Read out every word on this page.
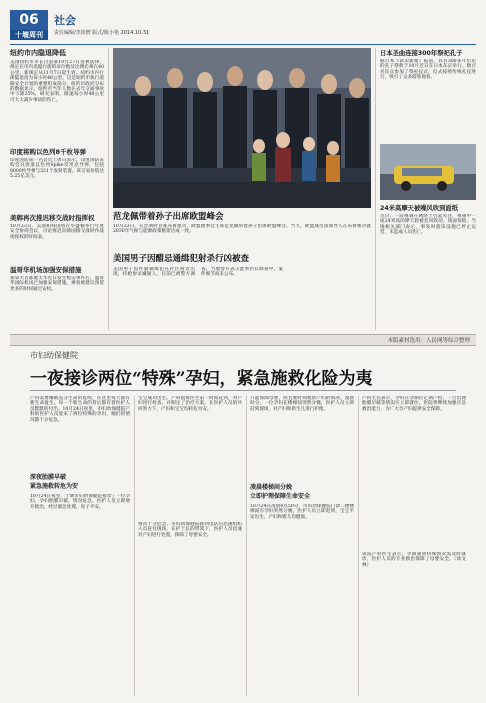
06
十堰周刊
社会
责任编辑/李淡僧 版式/陈小艳 2014.10.31
纽约市内隐退降低
美国纽约市市长白思豪10月27日签署法律，规定在市内退隐行街的床位数及比例必须在40公里。新规定从11月7日起生效。纽约市内行街隐退改为每小时48公里。这是纽约市执行道路安全计划的重要组成部分，纽约市政府分布的数据显示，纽约市当年人数在去年交通事故中下降25%，研究表明，限速每小时48公里可大大减少事故的伤亡。
印度将购以色列8千枚导弹
印度国防部一名官员上周日表示，印度国防采购会议批准以色列Spike反坦克导弹，包括8000枚导弹与321个发射装置。该交易价值达5.25亿美元。
美韩再次推迟移交战时指挥权
10月23日，美国和韩国将在华盛顿举行年度安全协商会议，讨论推迟向韩国移交战时作战指挥权的时间表。
温哥华机场加强安保措施
加拿大首都渥太华近日发生枪击事件后，温哥华国际机场已加强安保措施，乘客被建议预留更多的时间通过安检。
范龙佩带着孙子出席欧盟峰会
10月23日，在比利时首都布鲁塞尔，欧盟理事会主席范龙佩带着孙子出席欧盟峰会。当天，欧盟成员国领导人在布鲁塞尔就2030年气候与能源政策框架达成一致。
美国男子因醋忌通缉犯射杀行凶被查
美国男子因怀疑通缉犯在社区附近出现，持枪射杀嫌疑人，目前已被警方调查。当地警方表示此事仍在调查中，案件细节尚未公布。
日本圣曲连接300年祭祀孔子
据日本《读卖新闻》报道，具有300多年历史的孔子祭典于10月近日在日本东京举行。数百名民众参加了祭祀仪式，仪式按照传统礼仪进行，吸引了众多游客观看。
24米高摩天被噪风吹到面纸
近日，一段视频在网络上引起关注，视频中一座24米高的摩天轮被狂风吹动，场面惊险。当地相关部门表示，事发时游乐设施已停止运营，未造成人员伤亡。
本版素材选用：人民网等综合整理
市妇幼保健院
一夜接诊两位“特殊”孕妇，紧急施救化险为夷
产科需要睡眠充分生命的延续，在这里每天都有新生命诞生。每一个新生命的背后都有着医护人员默默的付出。10月24日夜里，市妇幼保健院产科的医护人员迎来了两位特殊的孕妇，她们的情况都十分危急。
深夜胎膜早破
紧急施救转危为安
10月24日夜里，十堰市妇幼保健院接诊了一位孕妇，孕妇胎膜早破，情况危急。医护人员立即展开救治，经过紧急处理，母子平安。
宝宝成功出生。产科值班医生第一时间赶到，对产妇进行检查，并制定了治疗方案。在医护人员的共同努力下，产妇和宝宝均转危为安。
情况十分危急，市妇幼保健院接到电话后迅速组织人员赶往现场，在护士长的带领下，医护人员迅速对产妇进行处置，保障了母婴安全。
只能保障母婴，而且要时刻观察产妇的情况。凌晨时分，一位孕妇在楼梯间突然分娩，医护人员立即赶到现场，对产妇和新生儿进行护理。
凌晨楼梯间分娩
立即护理保障生命安全
10月24日凌晨4点50分，市妇幼保健院门诊二楼楼梯间有孕妇突然分娩，医护人员立即赶到，宝宝平安出生，产妇和婴儿均健康。
产科主任表示，孕妇在孕期应定期产检，一旦出现胎膜早破等情况应立即就医。医院将继续加强应急救治能力，为广大孕产妇提供安全保障。
该院产科医生表示，孕期遇到特殊情况需及时就诊，医护人员的专业救治保障了母婴安全。（徐文林）
